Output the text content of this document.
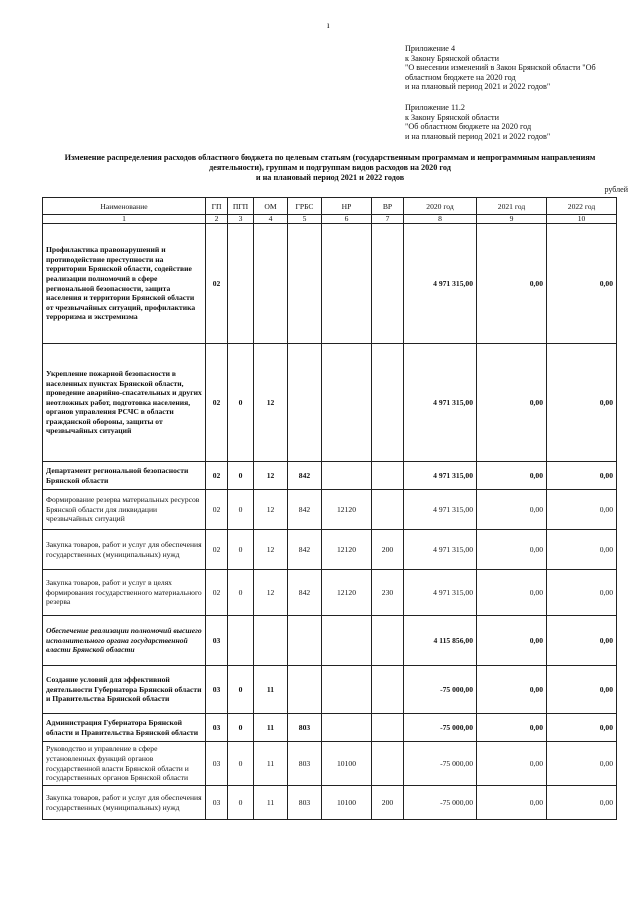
ı
Приложение 4
к Закону Брянской области
"О внесении изменений в Закон Брянской области "Об
областном бюджете на 2020 год
и на плановый период 2021 и 2022 годов"
Приложение 11.2
к Закону Брянской области
"Об областном бюджете на 2020 год
и на плановый период 2021 и 2022 годов"
Изменение распределения расходов областного бюджета по целевым статьям (государственным программам и непрограммным направлениям
деятельности), группам и подгруппам видов расходов на 2020 год
и на плановый период 2021 и 2022 годов
рублей
Наименование	ГП	ПГП	ОМ	ГРБС	НР	ВР	2020 год	2021 год	2022 год
1	2	3	4	5	6	7	8	9	10
Профилактика правонарушений и противодействие преступности на территории Брянской области, содействие реализации полномочий в сфере региональной безопасности, защита населения и территории Брянской области от чрезвычайных ситуаций, профилактика терроризма и экстремизма	02						4 971 315,00	0,00	0,00
Укрепление пожарной безопасности в населенных пунктах Брянской области, проведение аварийно-спасательных и других неотложных работ, подготовка населения, органов управления РСЧС в области гражданской обороны, защиты от чрезвычайных ситуаций	02	0	12				4 971 315,00	0,00	0,00
Департамент региональной безопасности Брянской области	02	0	12	842			4 971 315,00	0,00	0,00
Формирование резерва материальных ресурсов Брянской области для ликвидации чрезвычайных ситуаций	02	0	12	842	12120		4 971 315,00	0,00	0,00
Закупка товаров, работ и услуг для обеспечения государственных (муниципальных) нужд	02	0	12	842	12120	200	4 971 315,00	0,00	0,00
Закупка товаров, работ и услуг в целях формирования государственного материального резерва	02	0	12	842	12120	230	4 971 315,00	0,00	0,00
Обеспечение реализации полномочий высшего исполнительного органа государственной власти Брянской области	03						4 115 856,00	0,00	0,00
Создание условий для эффективной деятельности Губернатора Брянской области и Правительства Брянской области	03	0	11				-75 000,00	0,00	0,00
Администрация Губернатора Брянской области и Правительства Брянской области	03	0	11	803			-75 000,00	0,00	0,00
Руководство и управление в сфере установленных функций органов государственной власти Брянской области и государственных органов Брянской области	03	0	11	803	10100		-75 000,00	0,00	0,00
Закупка товаров, работ и услуг для обеспечения государственных (муниципальных) нужд	03	0	11	803	10100	200	-75 000,00	0,00	0,00
